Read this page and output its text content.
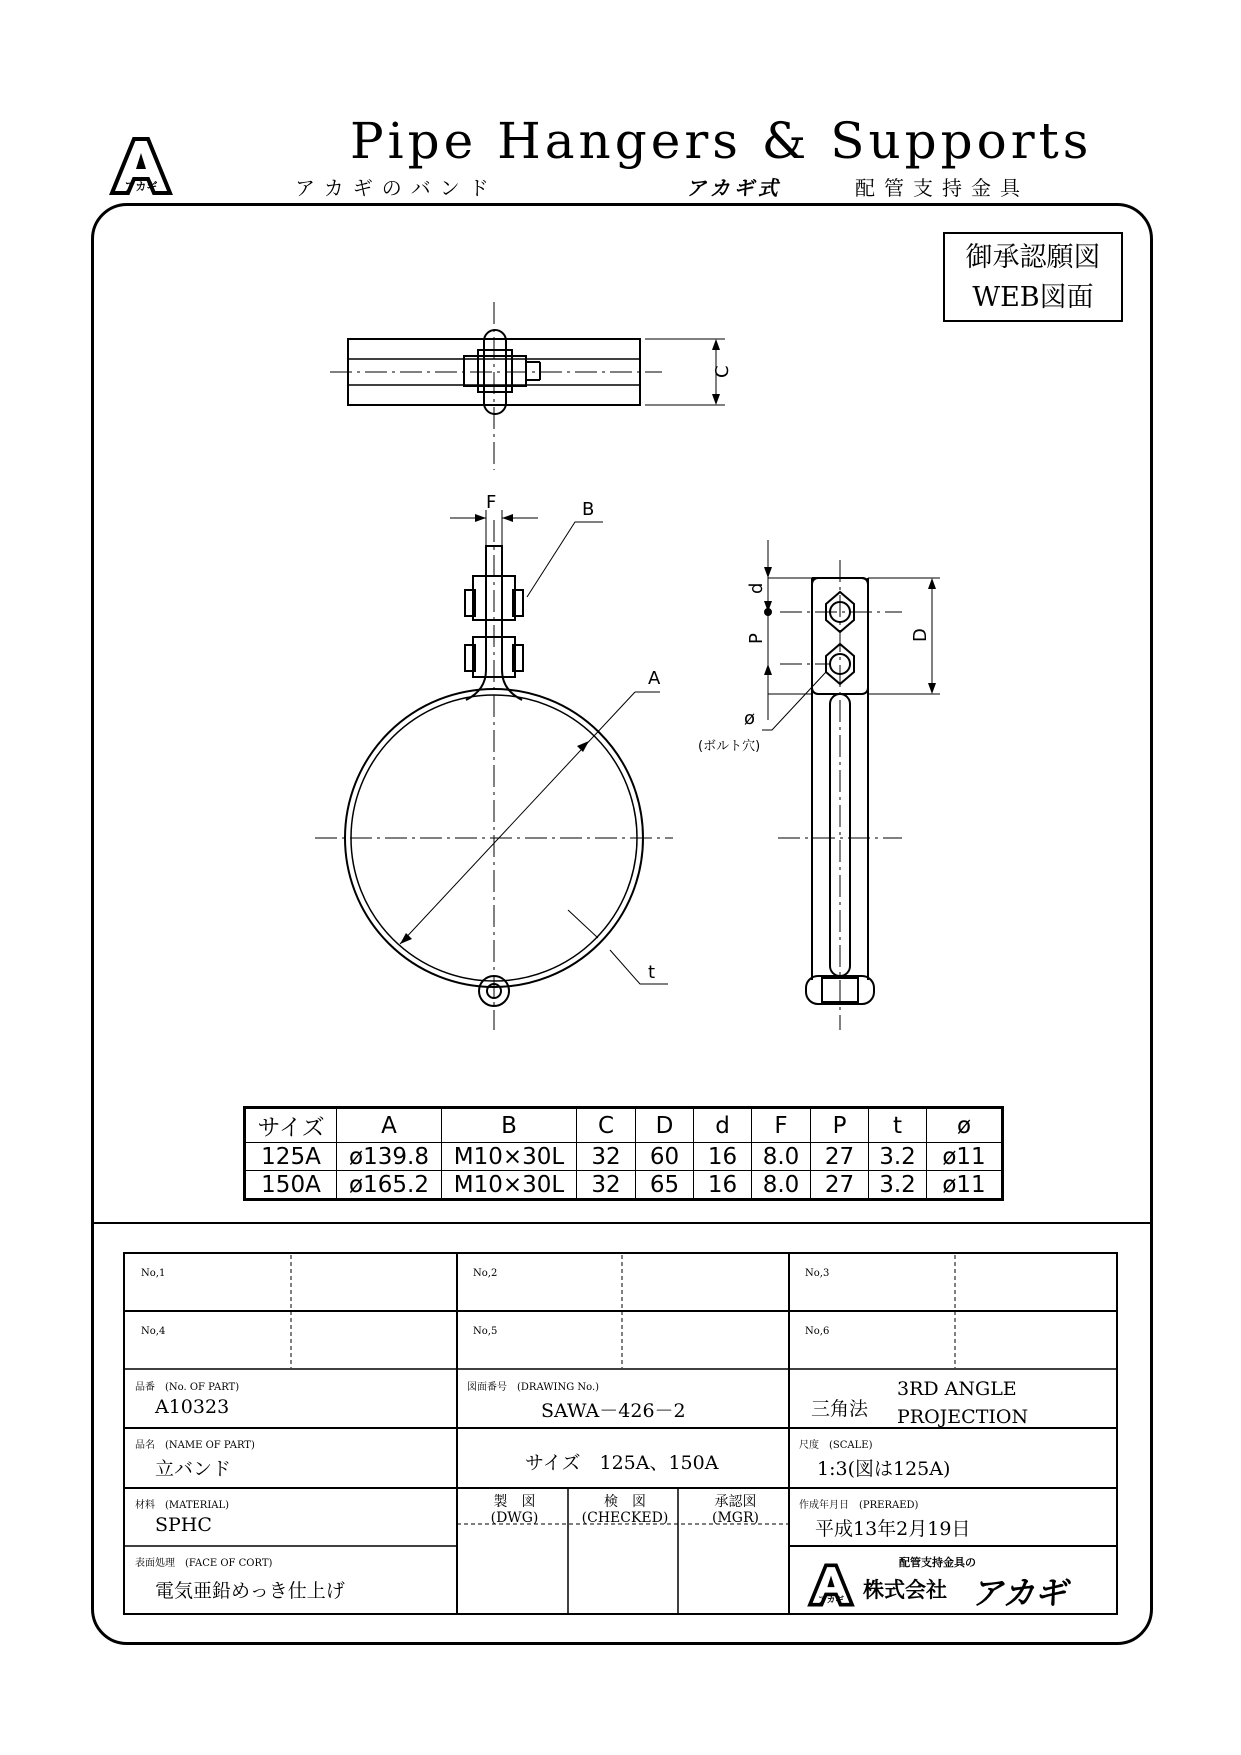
アカギ
Pipe Hangers & Supports
アカギのバンド	アカギ式	配管支持金具
御承認願図
WEB図面
C
F	B
A
t
d
P	D
ø
(ボルト穴)
サイズ	A	B	C	D	d	F	P	t	ø
125A	ø139.8	M10×30L	32	60	16	8.0	27	3.2	ø11
150A	ø165.2	M10×30L	32	65	16	8.0	27	3.2	ø11
No,1	No,2	No,3
No,4	No,5	No,6
品番　(No. OF PART)
A10323
図面番号　(DRAWING No.)
SAWA－426－2	三角法
3RD ANGLE
PROJECTION
品名　(NAME OF PART)
立バンド	サイズ　125A、150A
尺度　(SCALE)
1:3(図は125A)
材料　(MATERIAL)
SPHC
製　図
(DWG)
検　図
(CHECKED)
承認図
(MGR)
作成年月日　(PRERAED)
平成13年2月19日
表面処理　(FACE OF CORT)
電気亜鉛めっき仕上げ	アカギ
配管支持金具の
株式会社 アカギ
